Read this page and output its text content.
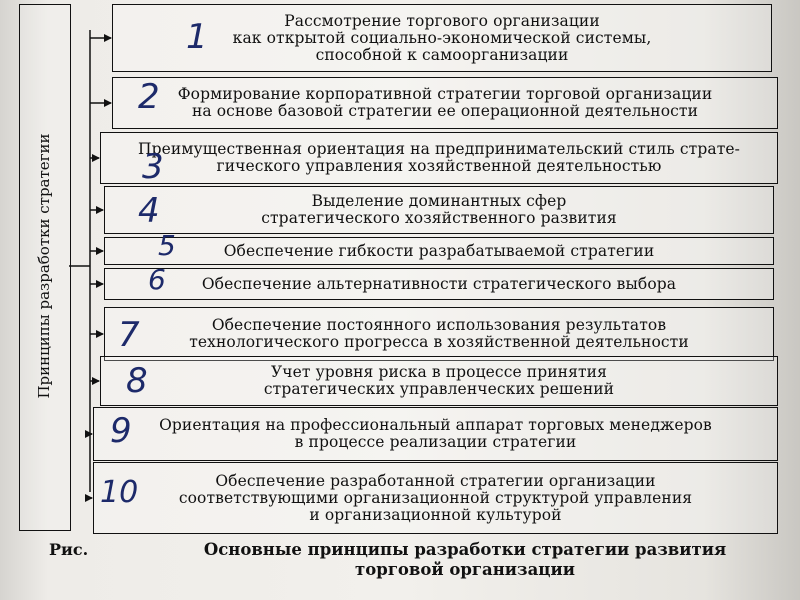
Принципы разработки стратегии
Рассмотрение торгового организации
как открытой социально-экономической системы,
способной к самоорганизации
Формирование корпоративной стратегии торговой организации
на основе базовой стратегии ее операционной деятельности
Преимущественная ориентация на предпринимательский стиль страте-
гического управления хозяйственной деятельностью
Выделение доминантных сфер
стратегического хозяйственного развития
Обеспечение гибкости разрабатываемой стратегии
Обеспечение альтернативности стратегического выбора
Обеспечение постоянного использования результатов
технологического прогресса в хозяйственной деятельности
Учет уровня риска в процессе принятия
стратегических управленческих решений
Ориентация на профессиональный аппарат торговых менеджеров
в процессе реализации стратегии
Обеспечение разработанной стратегии организации
соответствующими организационной структурой управления
и организационной культурой
1
2
3
4
5
6
7
8
9
10
Рис.	Основные принципы разработки стратегии развития
торговой организации
